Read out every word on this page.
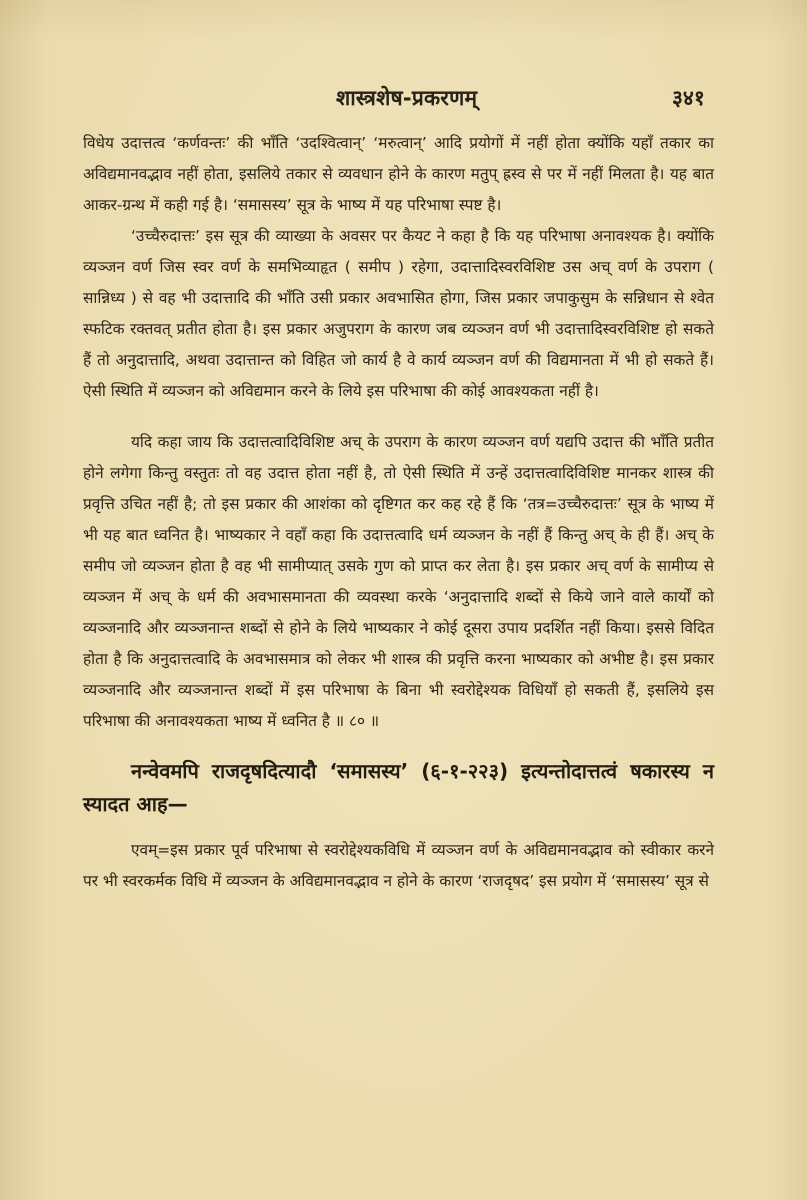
शास्त्रशेष-प्रकरणम्	३४१

विधेय उदात्तत्व ‘कर्णवन्तः’ की भाँति ‘उदश्वित्वान्’ ‘मरुत्वान्’ आदि प्रयोगों में नहीं होता क्योंकि यहाँ तकार का अविद्यमानवद्भाव नहीं होता, इसलिये तकार से व्यवधान होने के कारण मतुप् ह्रस्व से पर में नहीं मिलता है। यह बात आकर-ग्रन्थ में कही गई है। ‘समासस्य’ सूत्र के भाष्य में यह परिभाषा स्पष्ट है।

‘उच्चैरुदात्तः’ इस सूत्र की व्याख्या के अवसर पर कैयट ने कहा है कि यह परिभाषा अनावश्यक है। क्योंकि व्यञ्जन वर्ण जिस स्वर वर्ण के समभिव्याहृत ( समीप ) रहेगा, उदात्तादिस्वरविशिष्ट उस अच् वर्ण के उपराग ( सान्निध्य ) से वह भी उदात्तादि की भाँति उसी प्रकार अवभासित होगा, जिस प्रकार जपाकुसुम के सन्निधान से श्वेत स्फटिक रक्तवत् प्रतीत होता है। इस प्रकार अजुपराग के कारण जब व्यञ्जन वर्ण भी उदात्तादिस्वरविशिष्ट हो सकते हैं तो अनुदात्तादि, अथवा उदात्तान्त को विहित जो कार्य है वे कार्य व्यञ्जन वर्ण की विद्यमानता में भी हो सकते हैं। ऐसी स्थिति में व्यञ्जन को अविद्यमान करने के लिये इस परिभाषा की कोई आवश्यकता नहीं है।

यदि कहा जाय कि उदात्तत्वादिविशिष्ट अच् के उपराग के कारण व्यञ्जन वर्ण यद्यपि उदात्त की भाँति प्रतीत होने लगेगा किन्तु वस्तुतः तो वह उदात्त होता नहीं है, तो ऐसी स्थिति में उन्हें उदात्तत्वादिविशिष्ट मानकर शास्त्र की प्रवृत्ति उचित नहीं है; तो इस प्रकार की आशंका को दृष्टिगत कर कह रहे हैं कि ‘तत्र=उच्चैरुदात्तः’ सूत्र के भाष्य में भी यह बात ध्वनित है। भाष्यकार ने वहाँ कहा कि उदात्तत्वादि धर्म व्यञ्जन के नहीं हैं किन्तु अच् के ही हैं। अच् के समीप जो व्यञ्जन होता है वह भी सामीप्यात् उसके गुण को प्राप्त कर लेता है। इस प्रकार अच् वर्ण के सामीप्य से व्यञ्जन में अच् के धर्म की अवभासमानता की व्यवस्था करके ‘अनुदात्तादि शब्दों से किये जाने वाले कार्यों को व्यञ्जनादि और व्यञ्जनान्त शब्दों से होने के लिये भाष्यकार ने कोई दूसरा उपाय प्रदर्शित नहीं किया। इससे विदित होता है कि अनुदात्तत्वादि के अवभासमात्र को लेकर भी शास्त्र की प्रवृत्ति करना भाष्यकार को अभीष्ट है। इस प्रकार व्यञ्जनादि और व्यञ्जनान्त शब्दों में इस परिभाषा के बिना भी स्वरोद्देश्यक विधियाँ हो सकती हैं, इसलिये इस परिभाषा की अनावश्यकता भाष्य में ध्वनित है ॥ ८० ॥

नन्वेवमपि राजदृषदित्यादौ ‘समासस्य’ (६-१-२२३) इत्यन्तोदात्तत्वं षकारस्य न स्यादत आह—

एवम्=इस प्रकार पूर्व परिभाषा से स्वरोद्देश्यकविधि में व्यञ्जन वर्ण के अविद्यमानवद्भाव को स्वीकार करने पर भी स्वरकर्मक विधि में व्यञ्जन के अविद्यमानवद्भाव न होने के कारण ‘राजदृषद’ इस प्रयोग में ‘समासस्य’ सूत्र से
